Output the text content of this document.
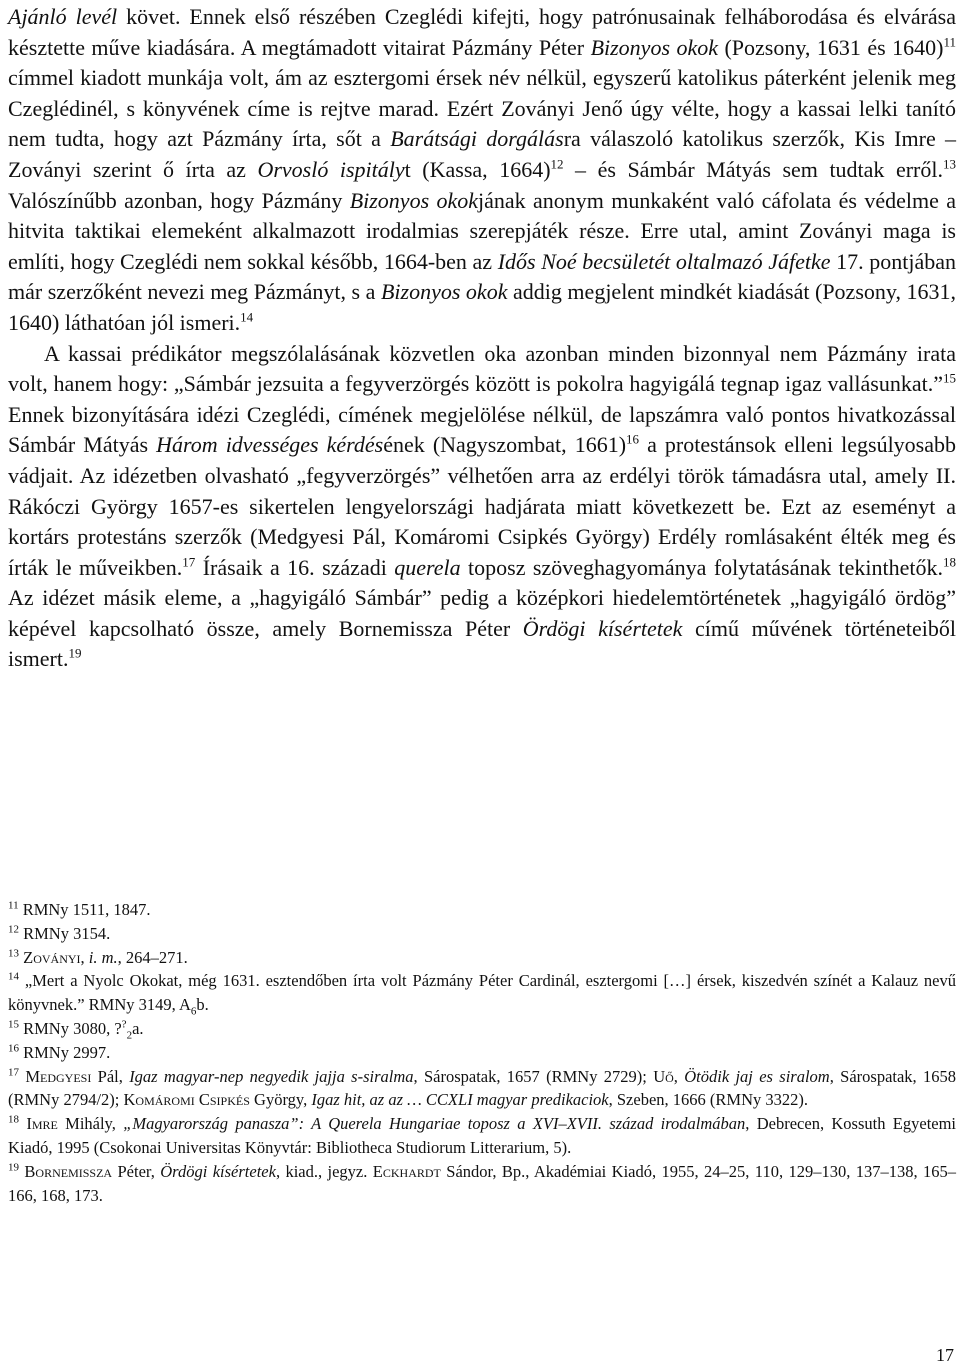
Ajánló levél követ. Ennek első részében Czeglédi kifejti, hogy patrónusainak felháborodása és elvárása késztette műve kiadására. A megtámadott vitairat Pázmány Péter Bizonyos okok (Pozsony, 1631 és 1640)$^{11}$ címmel kiadott munkája volt, ám az esztergomi érsek név nélkül, egyszerű katolikus páterként jelenik meg Czeglédinél, s könyvének címe is rejtve marad. Ezért Zoványi Jenő úgy vélte, hogy a kassai lelki tanító nem tudta, hogy azt Pázmány írta, sőt a Barátsági dorgálásra válaszoló katolikus szerzők, Kis Imre – Zoványi szerint ő írta az Orvosló ispitályt (Kassa, 1664)$^{12}$ – és Sámbár Mátyás sem tudtak erről.$^{13}$ Valószínűbb azonban, hogy Pázmány Bizonyos okokjának anonym munkaként való cáfolata és védelme a hitvita taktikai elemeként alkalmazott irodalmias szerepjáték része. Erre utal, amint Zoványi maga is említi, hogy Czeglédi nem sokkal később, 1664-ben az Idős Noé becsületét oltalmazó Jáfetke 17. pontjában már szerzőként nevezi meg Pázmányt, s a Bizonyos okok addig megjelent mindkét kiadását (Pozsony, 1631, 1640) láthatóan jól ismeri.$^{14}$

A kassai prédikátor megszólalásának közvetlen oka azonban minden bizonnyal nem Pázmány irata volt, hanem hogy: „Sámbár jezsuita a fegyverzörgés között is pokolra hagyigálá tegnap igaz vallásunkat.”$^{15}$ Ennek bizonyítására idézi Czeglédi, címének megjelölése nélkül, de lapszámra való pontos hivatkozással Sámbár Mátyás Három idvességes kérdésének (Nagyszombat, 1661)$^{16}$ a protestánsok elleni legsúlyosabb vádjait. Az idézetben olvasható „fegyverzörgés” vélhetően arra az erdélyi török támadásra utal, amely II. Rákóczi György 1657-es sikertelen lengyelországi hadjárata miatt következett be. Ezt az eseményt a kortárs protestáns szerzők (Medgyesi Pál, Komáromi Csipkés György) Erdély romlásaként élték meg és írták le műveikben.$^{17}$ Írásaik a 16. századi querela toposz szöveghagyománya folytatásának tekinthetők.$^{18}$ Az idézet másik eleme, a „hagyigáló Sámbár” pedig a középkori hiedelemtörténetek „hagyigáló ördög” képével kapcsolható össze, amely Bornemissza Péter Ördögi kísértetek című művének történeteiből ismert.$^{19}$

$^{11}$ RMNy 1511, 1847.

$^{12}$ RMNy 3154.

$^{13}$ Zoványi, i. m., 264–271.

$^{14}$ „Mert a Nyolc Okokat, még 1631. esztendőben írta volt Pázmány Péter Cardinál, esztergomi […] érsek, kiszedvén színét a Kalauz nevű könyvnek.” RMNy 3149, $A_6b$.

$^{15}$ RMNy 3080, $?^?_2a$.

$^{16}$ RMNy 2997.

$^{17}$ Medgyesi Pál, Igaz magyar-nep negyedik jajja s-siralma, Sárospatak, 1657 (RMNy 2729); Uő, Ötödik jaj es siralom, Sárospatak, 1658 (RMNy 2794/2); Komáromi Csipkés György, Igaz hit, az az … CCXLI magyar predikaciok, Szeben, 1666 (RMNy 3322).

$^{18}$ Imre Mihály, „Magyarország panasza”: A Querela Hungariae toposz a XVI–XVII. század irodalmában, Debrecen, Kossuth Egyetemi Kiadó, 1995 (Csokonai Universitas Könyvtár: Bibliotheca Studiorum Litterarium, 5).

$^{19}$ Bornemissza Péter, Ördögi kísértetek, kiad., jegyz. Eckhardt Sándor, Bp., Akadémiai Kiadó, 1955, 24–25, 110, 129–130, 137–138, 165–166, 168, 173.

17
